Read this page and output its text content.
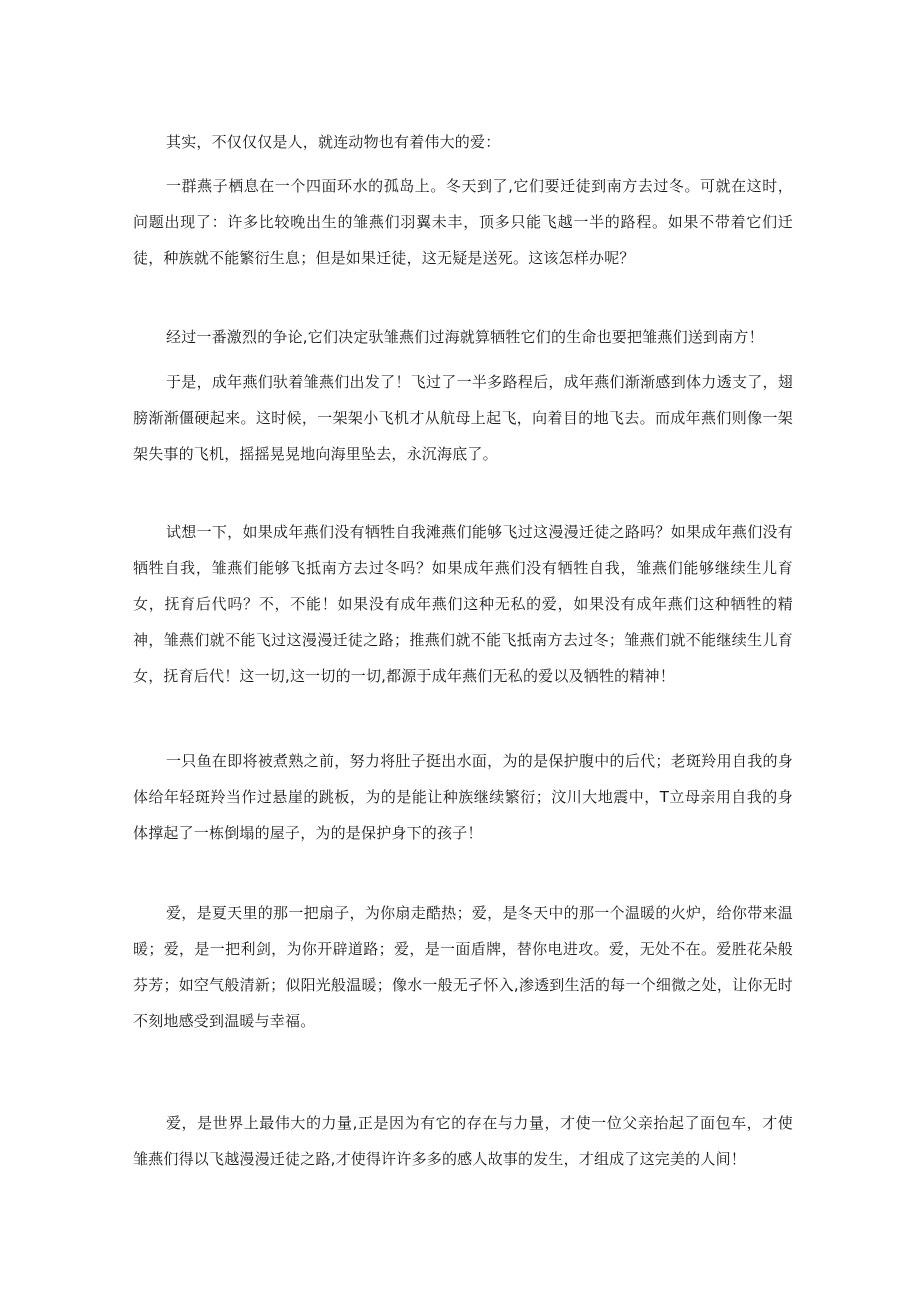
其实，不仅仅仅是人，就连动物也有着伟大的爱：

一群燕子栖息在一个四面环水的孤岛上。冬天到了,它们要迁徒到南方去过冬。可就在这时，问题出现了：许多比较晚出生的雏燕们羽翼未丰，顶多只能飞越一半的路程。如果不带着它们迁徒，种族就不能繁衍生息；但是如果迁徒，这无疑是送死。这该怎样办呢？

经过一番激烈的争论,它们决定驮雏燕们过海就算牺牲它们的生命也要把雏燕们送到南方！

于是，成年燕们驮着雏燕们出发了！飞过了一半多路程后，成年燕们渐渐感到体力透支了，翅膀渐渐僵硬起来。这时候，一架架小飞机才从航母上起飞，向着目的地飞去。而成年燕们则像一架架失事的飞机，摇摇晃晃地向海里坠去，永沉海底了。

试想一下，如果成年燕们没有牺牲自我滩燕们能够飞过这漫漫迁徒之路吗？如果成年燕们没有牺牲自我，雏燕们能够飞抵南方去过冬吗？如果成年燕们没有牺牲自我，雏燕们能够继续生儿育女，抚育后代吗？不，不能！如果没有成年燕们这种无私的爱，如果没有成年燕们这种牺牲的精神，雏燕们就不能飞过这漫漫迁徒之路；推燕们就不能飞抵南方去过冬；雏燕们就不能继续生儿育女，抚育后代！这一切,这一切的一切,都源于成年燕们无私的爱以及牺牲的精神！

一只鱼在即将被煮熟之前，努力将肚子挺出水面，为的是保护腹中的后代；老斑羚用自我的身体给年轻斑羚当作过悬崖的跳板，为的是能让种族继续繁衍；汶川大地震中，T立母亲用自我的身体撑起了一栋倒塌的屋子，为的是保护身下的孩子！

爱，是夏天里的那一把扇子，为你扇走酷热；爱，是冬天中的那一个温暖的火炉，给你带来温暖；爱，是一把利剑，为你开辟道路；爱，是一面盾牌，替你电进攻。爱，无处不在。爱胜花朵般芬芳；如空气般清新；似阳光般温暖；像水一般无孑怀入,渗透到生活的每一个细微之处，让你无时不刻地感受到温暖与幸福。

爱，是世界上最伟大的力量,正是因为有它的存在与力量，才使一位父亲抬起了面包车，才使雏燕们得以飞越漫漫迁徒之路,才使得许许多多的感人故事的发生，才组成了这完美的人间！
